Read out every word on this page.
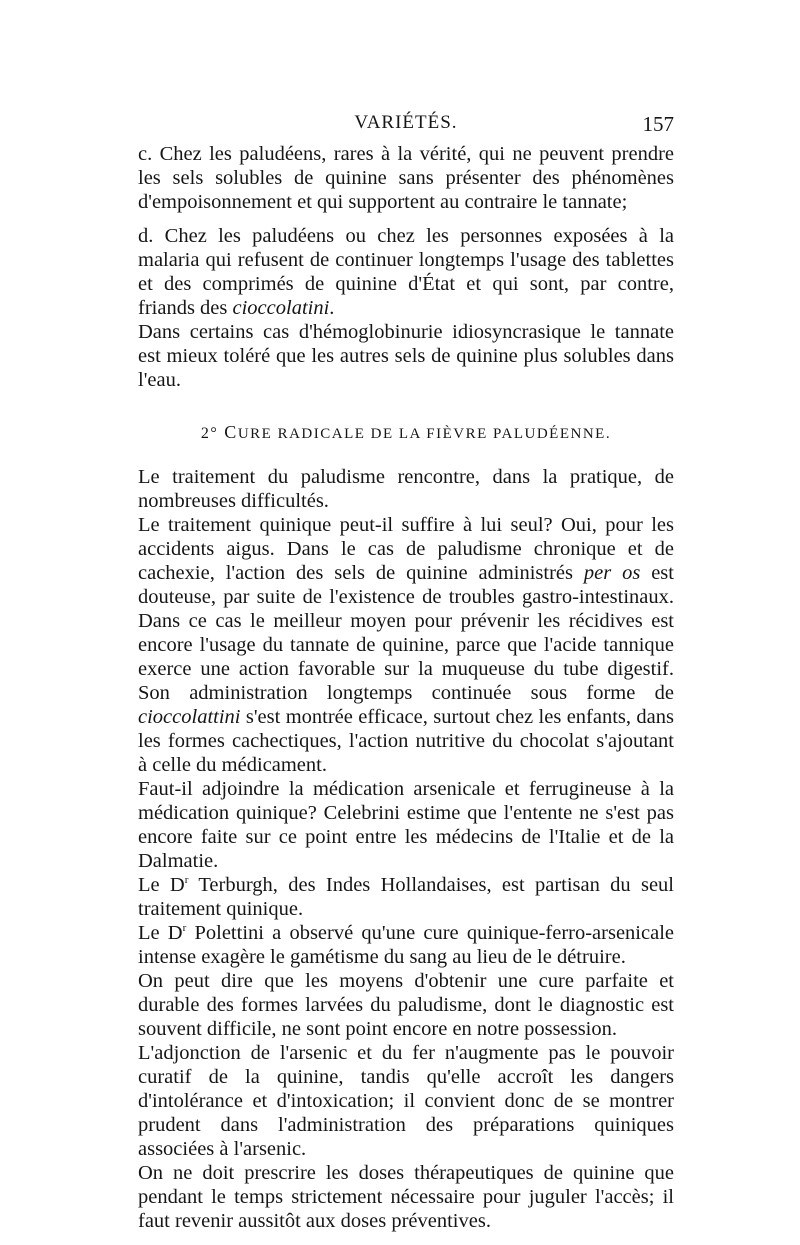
VARIÉTÉS.	157

c. Chez les paludéens, rares à la vérité, qui ne peuvent prendre les sels solubles de quinine sans présenter des phénomènes d'empoisonnement et qui supportent au contraire le tannate;

d. Chez les paludéens ou chez les personnes exposées à la malaria qui refusent de continuer longtemps l'usage des tablettes et des comprimés de quinine d'État et qui sont, par contre, friands des cioccolatini.

Dans certains cas d'hémoglobinurie idiosyncrasique le tannate est mieux toléré que les autres sels de quinine plus solubles dans l'eau.

2° CURE RADICALE DE LA FIÈVRE PALUDÉENNE.

Le traitement du paludisme rencontre, dans la pratique, de nombreuses difficultés.

Le traitement quinique peut-il suffire à lui seul? Oui, pour les accidents aigus. Dans le cas de paludisme chronique et de cachexie, l'action des sels de quinine administrés per os est douteuse, par suite de l'existence de troubles gastro-intestinaux. Dans ce cas le meilleur moyen pour prévenir les récidives est encore l'usage du tannate de quinine, parce que l'acide tannique exerce une action favorable sur la muqueuse du tube digestif. Son administration longtemps continuée sous forme de cioccolattini s'est montrée efficace, surtout chez les enfants, dans les formes cachectiques, l'action nutritive du chocolat s'ajoutant à celle du médicament.

Faut-il adjoindre la médication arsenicale et ferrugineuse à la médication quinique? Celebrini estime que l'entente ne s'est pas encore faite sur ce point entre les médecins de l'Italie et de la Dalmatie.

Le $D^r$ Terburgh, des Indes Hollandaises, est partisan du seul traitement quinique.

Le $D^r$ Polettini a observé qu'une cure quinique-ferro-arsenicale intense exagère le gamétisme du sang au lieu de le détruire.

On peut dire que les moyens d'obtenir une cure parfaite et durable des formes larvées du paludisme, dont le diagnostic est souvent difficile, ne sont point encore en notre possession.

L'adjonction de l'arsenic et du fer n'augmente pas le pouvoir curatif de la quinine, tandis qu'elle accroît les dangers d'intolérance et d'intoxication; il convient donc de se montrer prudent dans l'administration des préparations quiniques associées à l'arsenic.

On ne doit prescrire les doses thérapeutiques de quinine que pendant le temps strictement nécessaire pour juguler l'accès; il faut revenir aussitôt aux doses préventives.
